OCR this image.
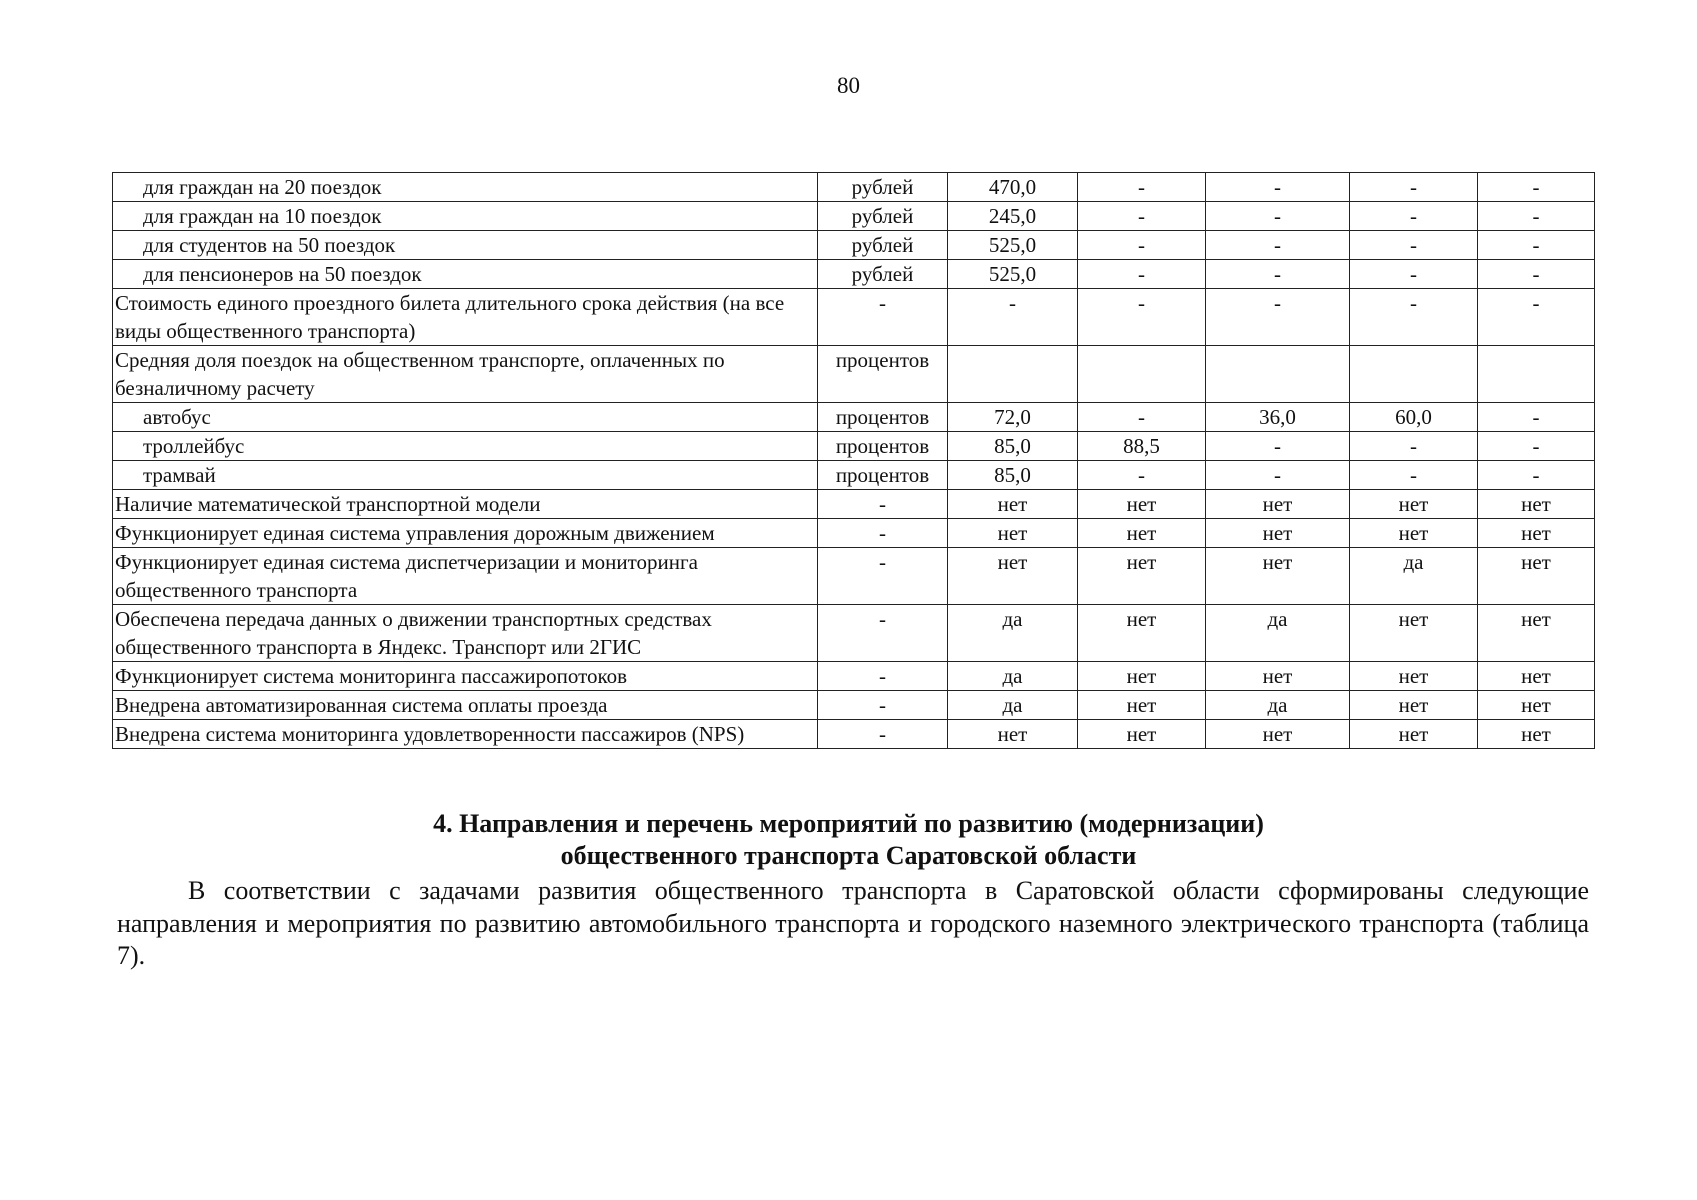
80
для граждан на 20 поездок	рублей	470,0	-	-	-	-
для граждан на 10 поездок	рублей	245,0	-	-	-	-
для студентов на 50 поездок	рублей	525,0	-	-	-	-
для пенсионеров на 50 поездок	рублей	525,0	-	-	-	-
Стоимость единого проездного билета длительного срока действия (на все виды общественного транспорта)	-	-	-	-	-	-
Средняя доля поездок на общественном транспорте, оплаченных по безналичному расчету	процентов					
автобус	процентов	72,0	-	36,0	60,0	-
троллейбус	процентов	85,0	88,5	-	-	-
трамвай	процентов	85,0	-	-	-	-
Наличие математической транспортной модели	-	нет	нет	нет	нет	нет
Функционирует единая система управления дорожным движением	-	нет	нет	нет	нет	нет
Функционирует единая система диспетчеризации и мониторинга общественного транспорта	-	нет	нет	нет	да	нет
Обеспечена передача данных о движении транспортных средствах общественного транспорта в Яндекс. Транспорт или 2ГИС	-	да	нет	да	нет	нет
Функционирует система мониторинга пассажиропотоков	-	да	нет	нет	нет	нет
Внедрена автоматизированная система оплаты проезда	-	да	нет	да	нет	нет
Внедрена система мониторинга удовлетворенности пассажиров (NPS)	-	нет	нет	нет	нет	нет
4. Направления и перечень мероприятий по развитию (модернизации)
общественного транспорта Саратовской области
В соответствии с задачами развития общественного транспорта в Саратовской области сформированы следующие направления и мероприятия по развитию автомобильного транспорта и городского наземного электрического транспорта (таблица 7).
